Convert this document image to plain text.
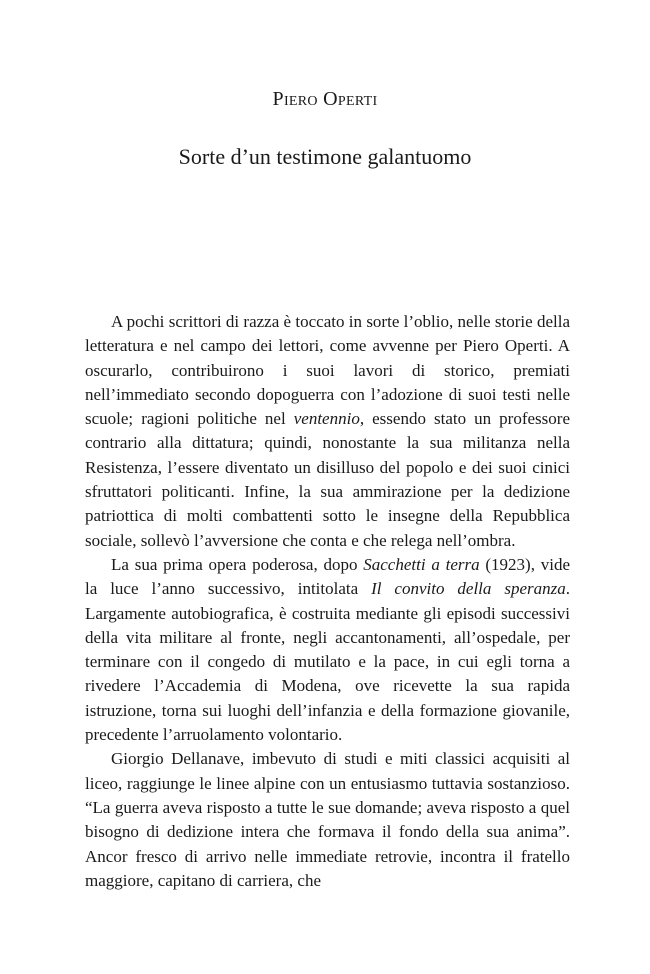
Piero Operti
Sorte d’un testimone galantuomo

A pochi scrittori di razza è toccato in sorte l’oblio, nelle storie della letteratura e nel campo dei lettori, come avvenne per Piero Operti. A oscurarlo, contribuirono i suoi lavori di storico, premiati nell’immediato secondo dopoguerra con l’adozione di suoi testi nelle scuole; ragioni politiche nel ventennio, essendo stato un professore contrario alla dittatura; quindi, nonostante la sua militanza nella Resistenza, l’essere diventato un disilluso del popolo e dei suoi cinici sfruttatori politicanti. Infine, la sua ammirazione per la dedizione patriottica di molti combattenti sotto le insegne della Repubblica sociale, sollevò l’avversione che conta e che relega nell’ombra.

La sua prima opera poderosa, dopo Sacchetti a terra (1923), vide la luce l’anno successivo, intitolata Il convito della speranza. Largamente autobiografica, è costruita mediante gli episodi successivi della vita militare al fronte, negli accantonamenti, all’ospedale, per terminare con il congedo di mutilato e la pace, in cui egli torna a rivedere l’Accademia di Modena, ove ricevette la sua rapida istruzione, torna sui luoghi dell’infanzia e della formazione giovanile, precedente l’arruolamento volontario.

Giorgio Dellanave, imbevuto di studi e miti classici acquisiti al liceo, raggiunge le linee alpine con un entusiasmo tuttavia sostanzioso. “La guerra aveva risposto a tutte le sue domande; aveva risposto a quel bisogno di dedizione intera che formava il fondo della sua anima”. Ancor fresco di arrivo nelle immediate retrovie, incontra il fratello maggiore, capitano di carriera, che
